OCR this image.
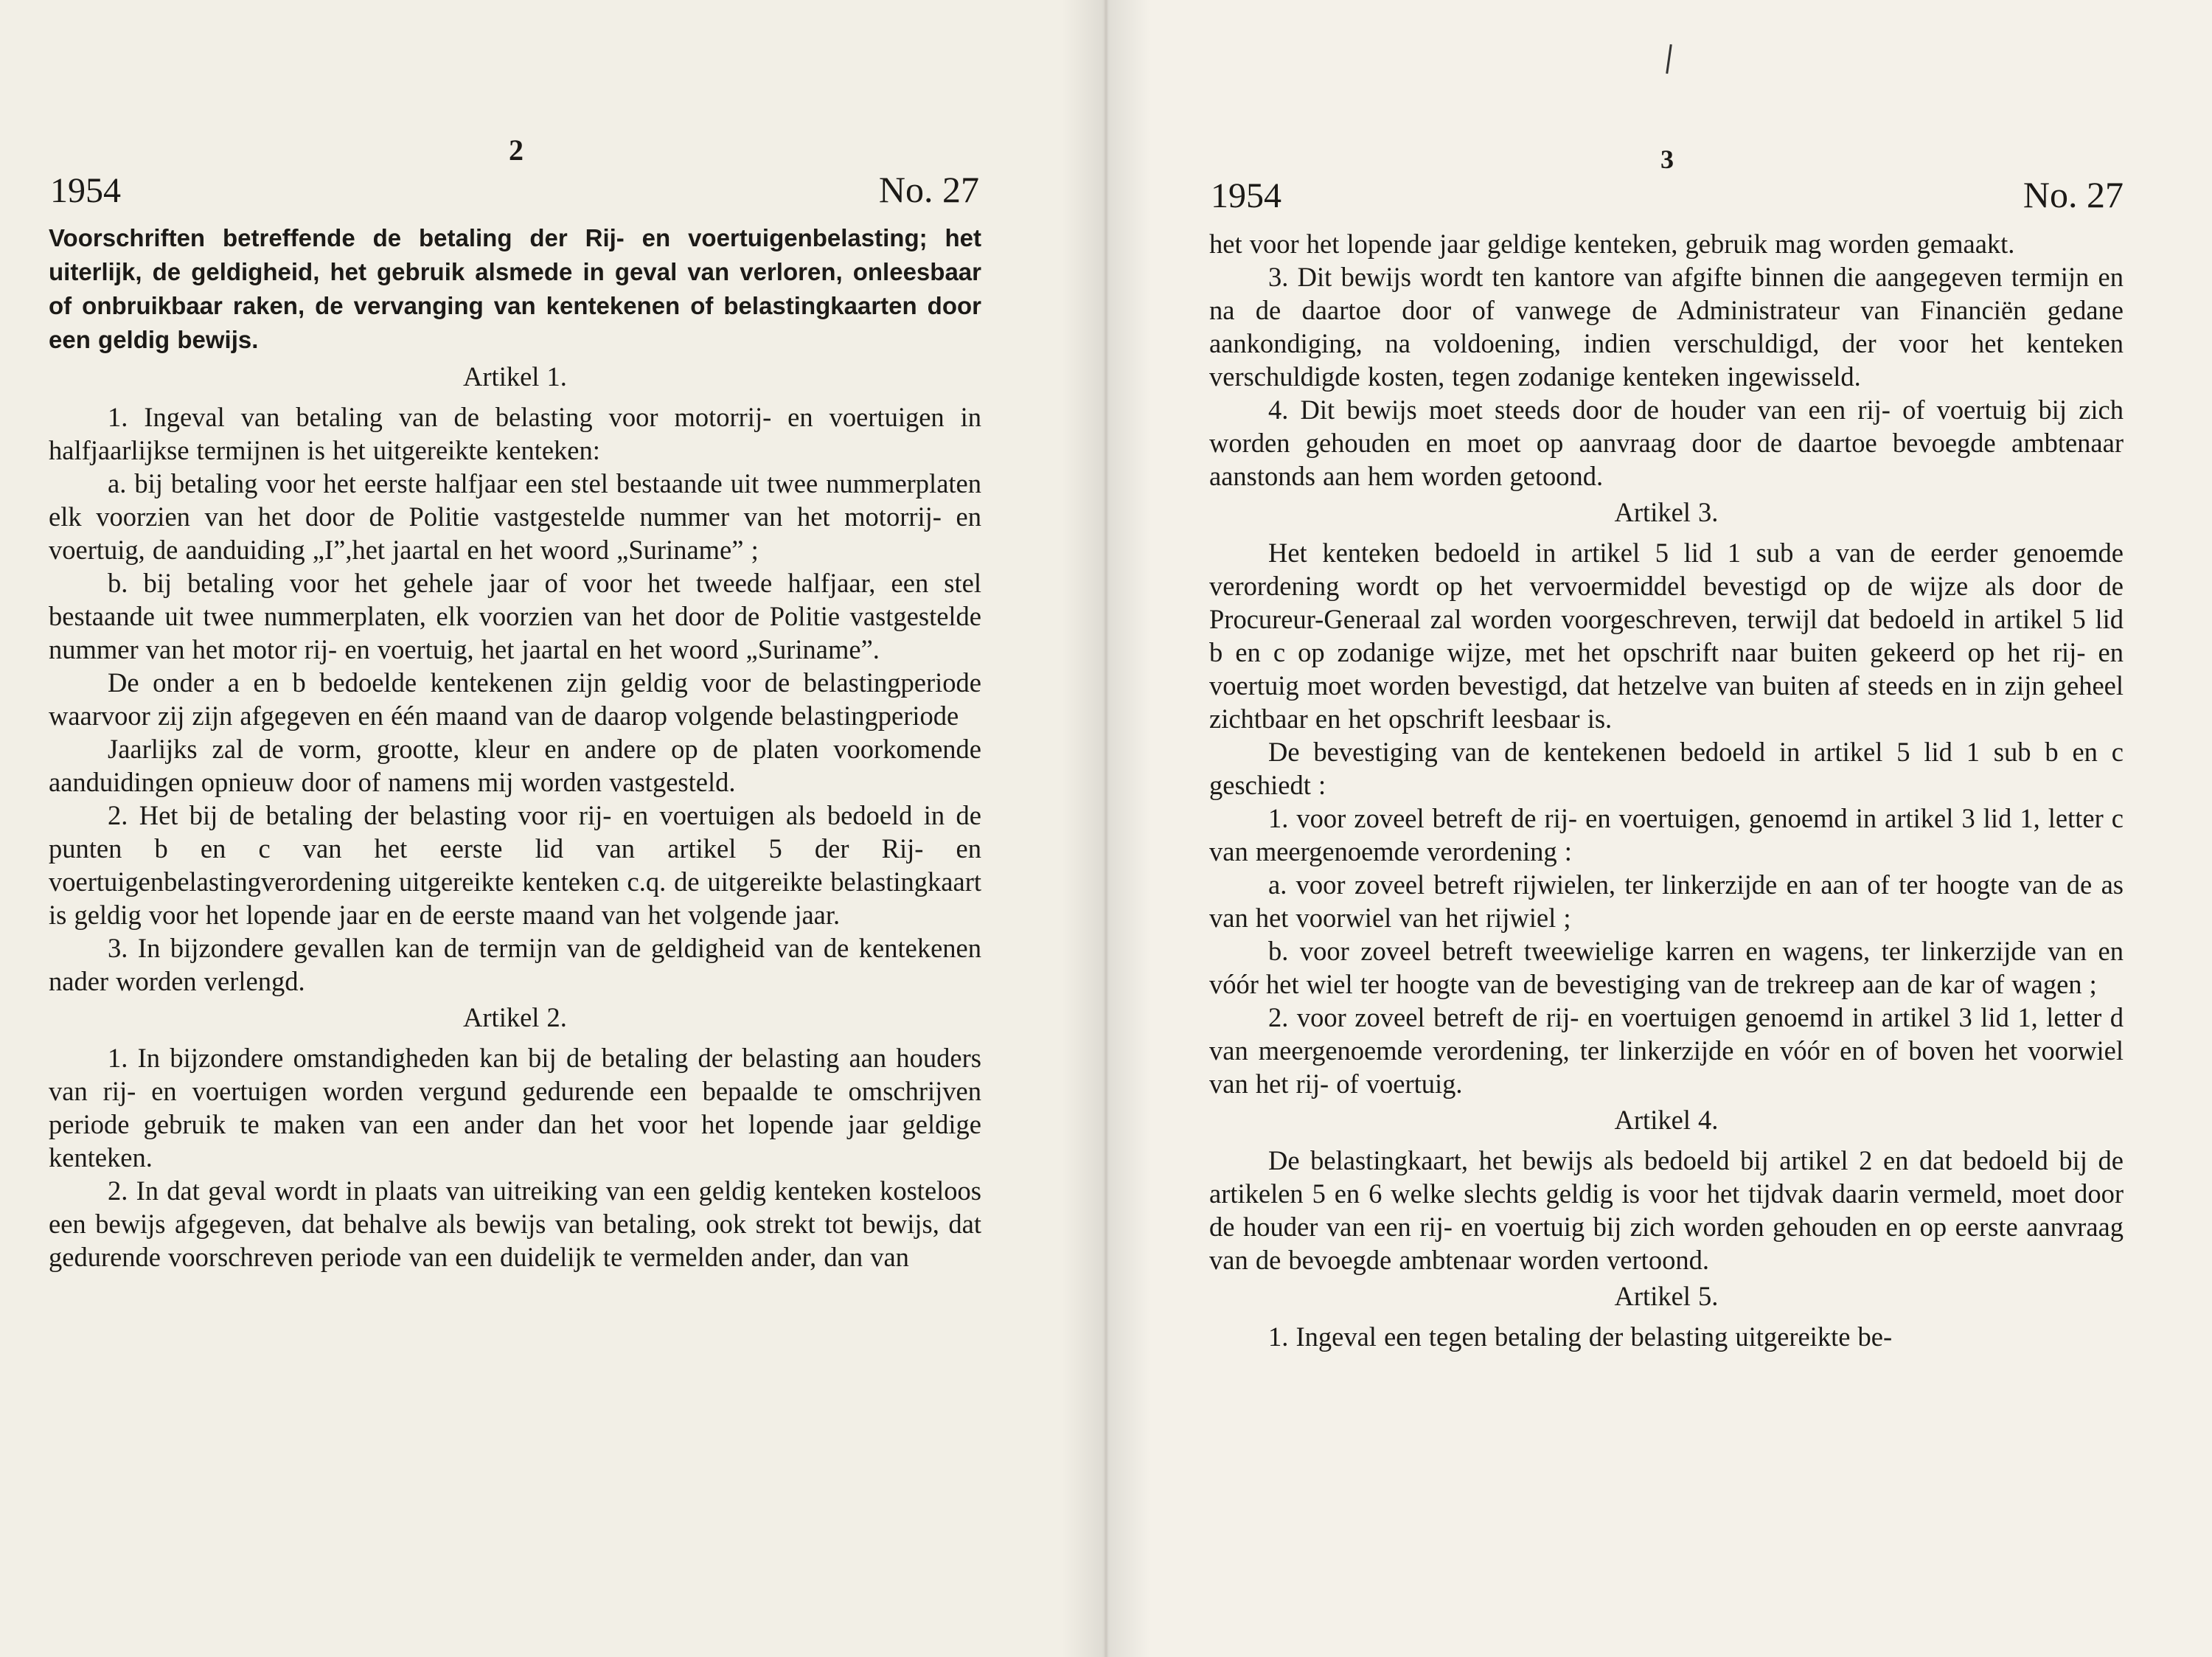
2
1954	No. 27

Voorschriften betreffende de betaling der Rij- en voertuigenbelasting; het uiterlijk, de geldigheid, het gebruik alsmede in geval van verloren, onleesbaar of onbruikbaar raken, de vervanging van kentekenen of belastingkaarten door een geldig bewijs.

Artikel 1.

1. Ingeval van betaling van de belasting voor motorrij- en voertuigen in halfjaarlijkse termijnen is het uitgereikte kenteken:

a. bij betaling voor het eerste halfjaar een stel bestaande uit twee nummerplaten elk voorzien van het door de Politie vastgestelde nummer van het motorrij- en voertuig, de aanduiding „I”,het jaartal en het woord „Suriname” ;

b. bij betaling voor het gehele jaar of voor het tweede halfjaar, een stel bestaande uit twee nummerplaten, elk voorzien van het door de Politie vastgestelde nummer van het motor rij- en voertuig, het jaartal en het woord „Suriname”.

De onder a en b bedoelde kentekenen zijn geldig voor de belastingperiode waarvoor zij zijn afgegeven en één maand van de daarop volgende belastingperiode

Jaarlijks zal de vorm, grootte, kleur en andere op de platen voorkomende aanduidingen opnieuw door of namens mij worden vastgesteld.

2. Het bij de betaling der belasting voor rij- en voertuigen als bedoeld in de punten b en c van het eerste lid van artikel 5 der Rij- en voertuigenbelastingverordening uitgereikte kenteken c.q. de uitgereikte belastingkaart is geldig voor het lopende jaar en de eerste maand van het volgende jaar.

3. In bijzondere gevallen kan de termijn van de geldigheid van de kentekenen nader worden verlengd.

Artikel 2.

1. In bijzondere omstandigheden kan bij de betaling der belasting aan houders van rij- en voertuigen worden vergund gedurende een bepaalde te omschrijven periode gebruik te maken van een ander dan het voor het lopende jaar geldige kenteken.

2. In dat geval wordt in plaats van uitreiking van een geldig kenteken kosteloos een bewijs afgegeven, dat behalve als bewijs van betaling, ook strekt tot bewijs, dat gedurende voorschreven periode van een duidelijk te vermelden ander, dan van

3
1954	No. 27

het voor het lopende jaar geldige kenteken, gebruik mag worden gemaakt.

3. Dit bewijs wordt ten kantore van afgifte binnen die aangegeven termijn en na de daartoe door of vanwege de Administrateur van Financiën gedane aankondiging, na voldoening, indien verschuldigd, der voor het kenteken verschuldigde kosten, tegen zodanige kenteken ingewisseld.

4. Dit bewijs moet steeds door de houder van een rij- of voertuig bij zich worden gehouden en moet op aanvraag door de daartoe bevoegde ambtenaar aanstonds aan hem worden getoond.

Artikel 3.

Het kenteken bedoeld in artikel 5 lid 1 sub a van de eerder genoemde verordening wordt op het vervoermiddel bevestigd op de wijze als door de Procureur-Generaal zal worden voorgeschreven, terwijl dat bedoeld in artikel 5 lid b en c op zodanige wijze, met het opschrift naar buiten gekeerd op het rij- en voertuig moet worden bevestigd, dat hetzelve van buiten af steeds en in zijn geheel zichtbaar en het opschrift leesbaar is.

De bevestiging van de kentekenen bedoeld in artikel 5 lid 1 sub b en c geschiedt :

1. voor zoveel betreft de rij- en voertuigen, genoemd in artikel 3 lid 1, letter c van meergenoemde verordening :

a. voor zoveel betreft rijwielen, ter linkerzijde en aan of ter hoogte van de as van het voorwiel van het rijwiel ;

b. voor zoveel betreft tweewielige karren en wagens, ter linkerzijde van en vóór het wiel ter hoogte van de bevestiging van de trekreep aan de kar of wagen ;

2. voor zoveel betreft de rij- en voertuigen genoemd in artikel 3 lid 1, letter d van meergenoemde verordening, ter linkerzijde en vóór en of boven het voorwiel van het rij- of voertuig.

Artikel 4.

De belastingkaart, het bewijs als bedoeld bij artikel 2 en dat bedoeld bij de artikelen 5 en 6 welke slechts geldig is voor het tijdvak daarin vermeld, moet door de houder van een rij- en voertuig bij zich worden gehouden en op eerste aanvraag van de bevoegde ambtenaar worden vertoond.

Artikel 5.

1. Ingeval een tegen betaling der belasting uitgereikte be-
